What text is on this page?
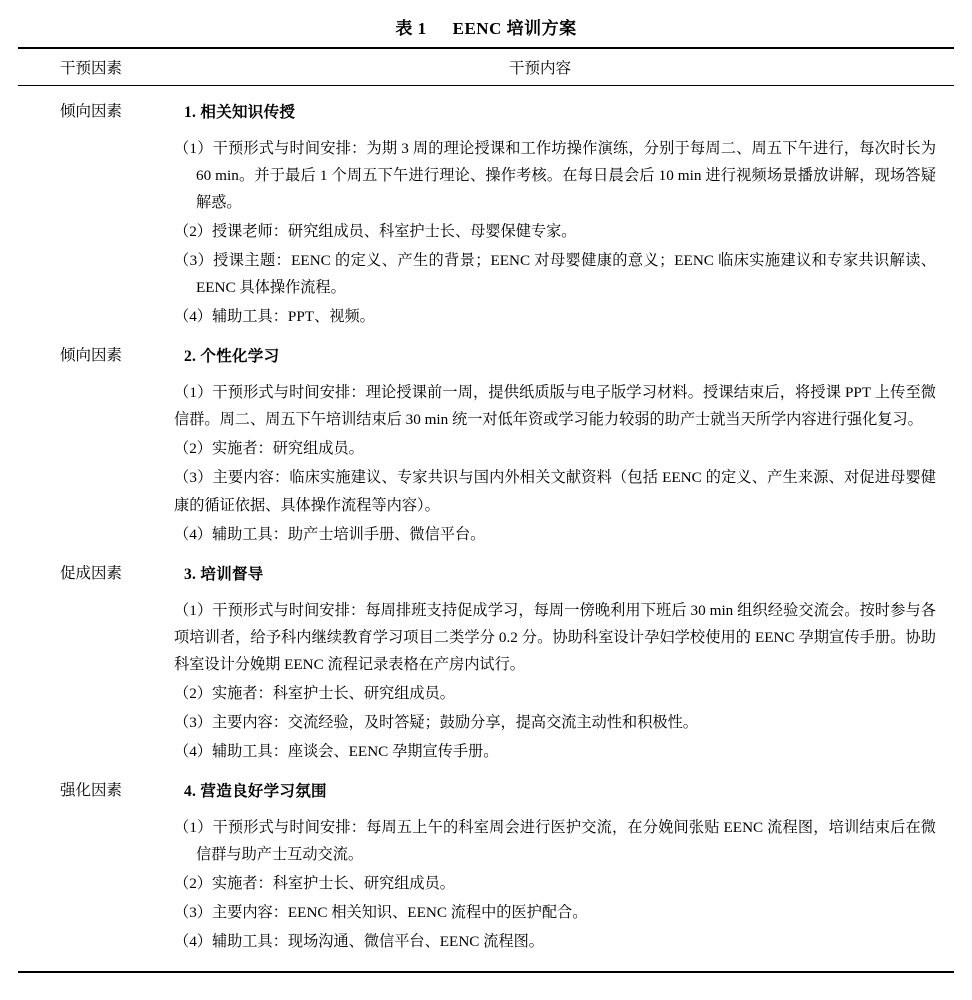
表 1 EENC 培训方案
干预因素	干预内容
倾向因素	1. 相关知识传授
（1）干预形式与时间安排：为期 3 周的理论授课和工作坊操作演练，分别于每周二、周五下午进行，每次时长为 60 min。并于最后 1 个周五下午进行理论、操作考核。在每日晨会后 10 min 进行视频场景播放讲解，现场答疑解惑。
（2）授课老师：研究组成员、科室护士长、母婴保健专家。
（3）授课主题：EENC 的定义、产生的背景；EENC 对母婴健康的意义；EENC 临床实施建议和专家共识解读、EENC 具体操作流程。
（4）辅助工具：PPT、视频。
倾向因素	2. 个性化学习
（1）干预形式与时间安排：理论授课前一周，提供纸质版与电子版学习材料。授课结束后，将授课 PPT 上传至微信群。周二、周五下午培训结束后 30 min 统一对低年资或学习能力较弱的助产士就当天所学内容进行强化复习。
（2）实施者：研究组成员。
（3）主要内容：临床实施建议、专家共识与国内外相关文献资料（包括 EENC 的定义、产生来源、对促进母婴健康的循证依据、具体操作流程等内容）。
（4）辅助工具：助产士培训手册、微信平台。
促成因素	3. 培训督导
（1）干预形式与时间安排：每周排班支持促成学习，每周一傍晚利用下班后 30 min 组织经验交流会。按时参与各项培训者，给予科内继续教育学习项目二类学分 0.2 分。协助科室设计孕妇学校使用的 EENC 孕期宣传手册。协助科室设计分娩期 EENC 流程记录表格在产房内试行。
（2）实施者：科室护士长、研究组成员。
（3）主要内容：交流经验，及时答疑；鼓励分享，提高交流主动性和积极性。
（4）辅助工具：座谈会、EENC 孕期宣传手册。
强化因素	4. 营造良好学习氛围
（1）干预形式与时间安排：每周五上午的科室周会进行医护交流，在分娩间张贴 EENC 流程图，培训结束后在微信群与助产士互动交流。
（2）实施者：科室护士长、研究组成员。
（3）主要内容：EENC 相关知识、EENC 流程中的医护配合。
（4）辅助工具：现场沟通、微信平台、EENC 流程图。
